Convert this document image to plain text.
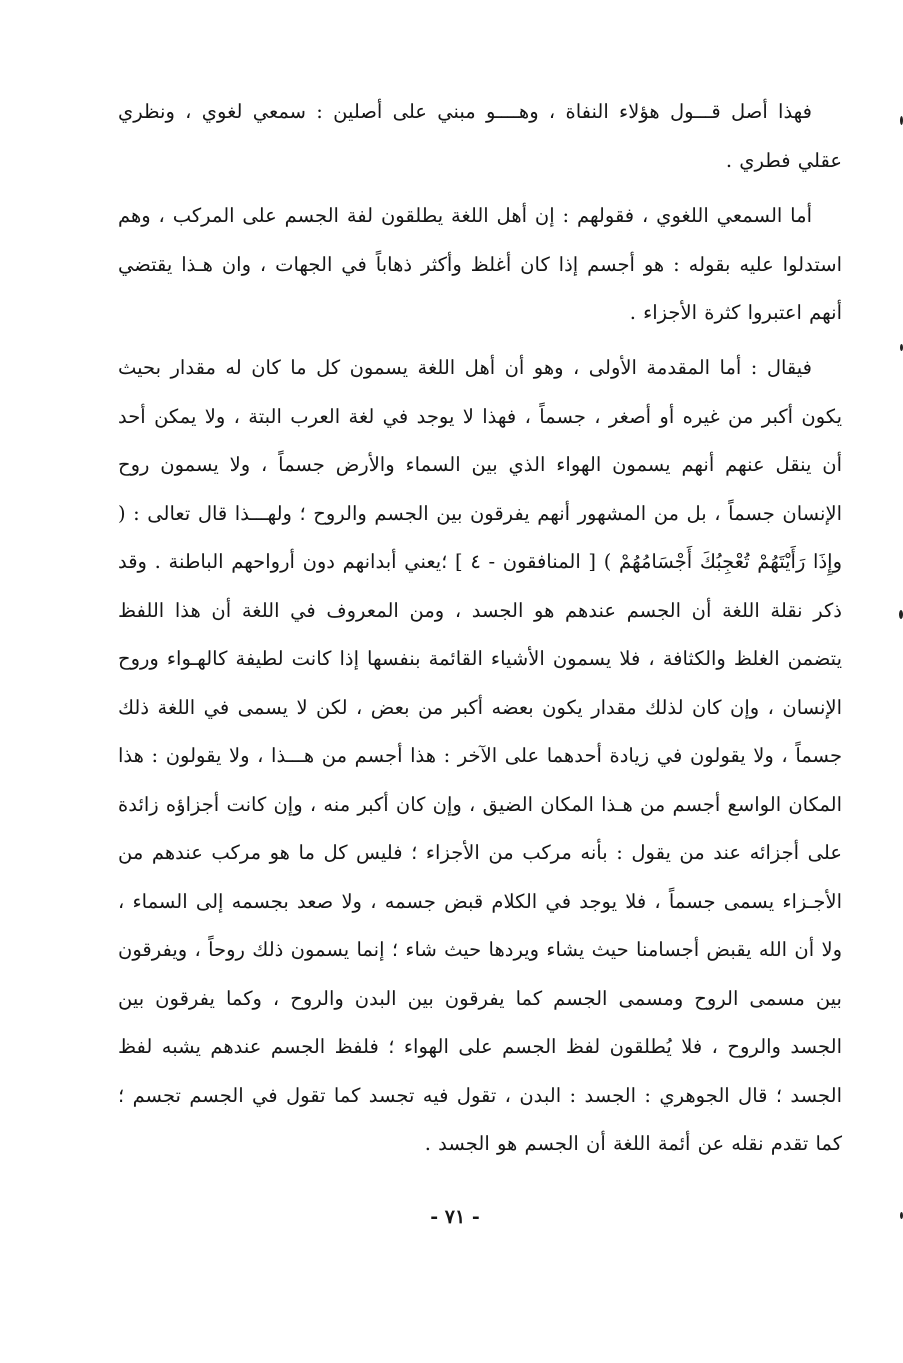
فهذا أصل قـــول هؤلاء النفاة ، وهــــو مبني على أصلين : سمعي لغوي ، ونظري عقلي فطري .

أما السمعي اللغوي ، فقولهم : إن أهل اللغة يطلقون لفة الجسم على المركب ، وهم استدلوا عليه بقوله : هو أجسم إذا كان أغلظ وأكثر ذهاباً في الجهات ، وان هـذا يقتضي أنهم اعتبروا كثرة الأجزاء .

فيقال : أما المقدمة الأولى ، وهو أن أهل اللغة يسمون كل ما كان له مقدار بحيث يكون أكبر من غيره أو أصغر ، جسماً ، فهذا لا يوجد في لغة العرب البتة ، ولا يمكن أحد أن ينقل عنهم أنهم يسمون الهواء الذي بين السماء والأرض جسماً ، ولا يسمون روح الإنسان جسماً ، بل من المشهور أنهم يفرقون بين الجسم والروح ؛ ولهـــذا قال تعالى : ( وإِذَا رَأَيْتَهُمْ تُعْجِبُكَ أَجْسَامُهُمْ ) [ المنافقون - ٤ ] ؛يعني أبدانهم دون أرواحهم الباطنة . وقد ذكر نقلة اللغة أن الجسم عندهم هو الجسد ، ومن المعروف في اللغة أن هذا اللفظ يتضمن الغلظ والكثافة ، فلا يسمون الأشياء القائمة بنفسها إذا كانت لطيفة كالهـواء وروح الإنسان ، وإن كان لذلك مقدار يكون بعضه أكبر من بعض ، لكن لا يسمى في اللغة ذلك جسماً ، ولا يقولون في زيادة أحدهما على الآخر : هذا أجسم من هـــذا ، ولا يقولون : هذا المكان الواسع أجسم من هـذا المكان الضيق ، وإن كان أكبر منه ، وإن كانت أجزاؤه زائدة على أجزائه عند من يقول : بأنه مركب من الأجزاء ؛ فليس كل ما هو مركب عندهم من الأجـزاء يسمى جسماً ، فلا يوجد في الكلام قبض جسمه ، ولا صعد بجسمه إلى السماء ، ولا أن الله يقبض أجسامنا حيث يشاء ويردها حيث شاء ؛ إنما يسمون ذلك روحاً ، ويفرقون بين مسمى الروح ومسمى الجسم كما يفرقون بين البدن والروح ، وكما يفرقون بين الجسد والروح ، فلا يُطلقون لفظ الجسم على الهواء ؛ فلفظ الجسم عندهم يشبه لفظ الجسد ؛ قال الجوهري : الجسد : البدن ، تقول فيه تجسد كما تقول في الجسم تجسم ؛ كما تقدم نقله عن أئمة اللغة أن الجسم هو الجسد .

- ٧١ -
